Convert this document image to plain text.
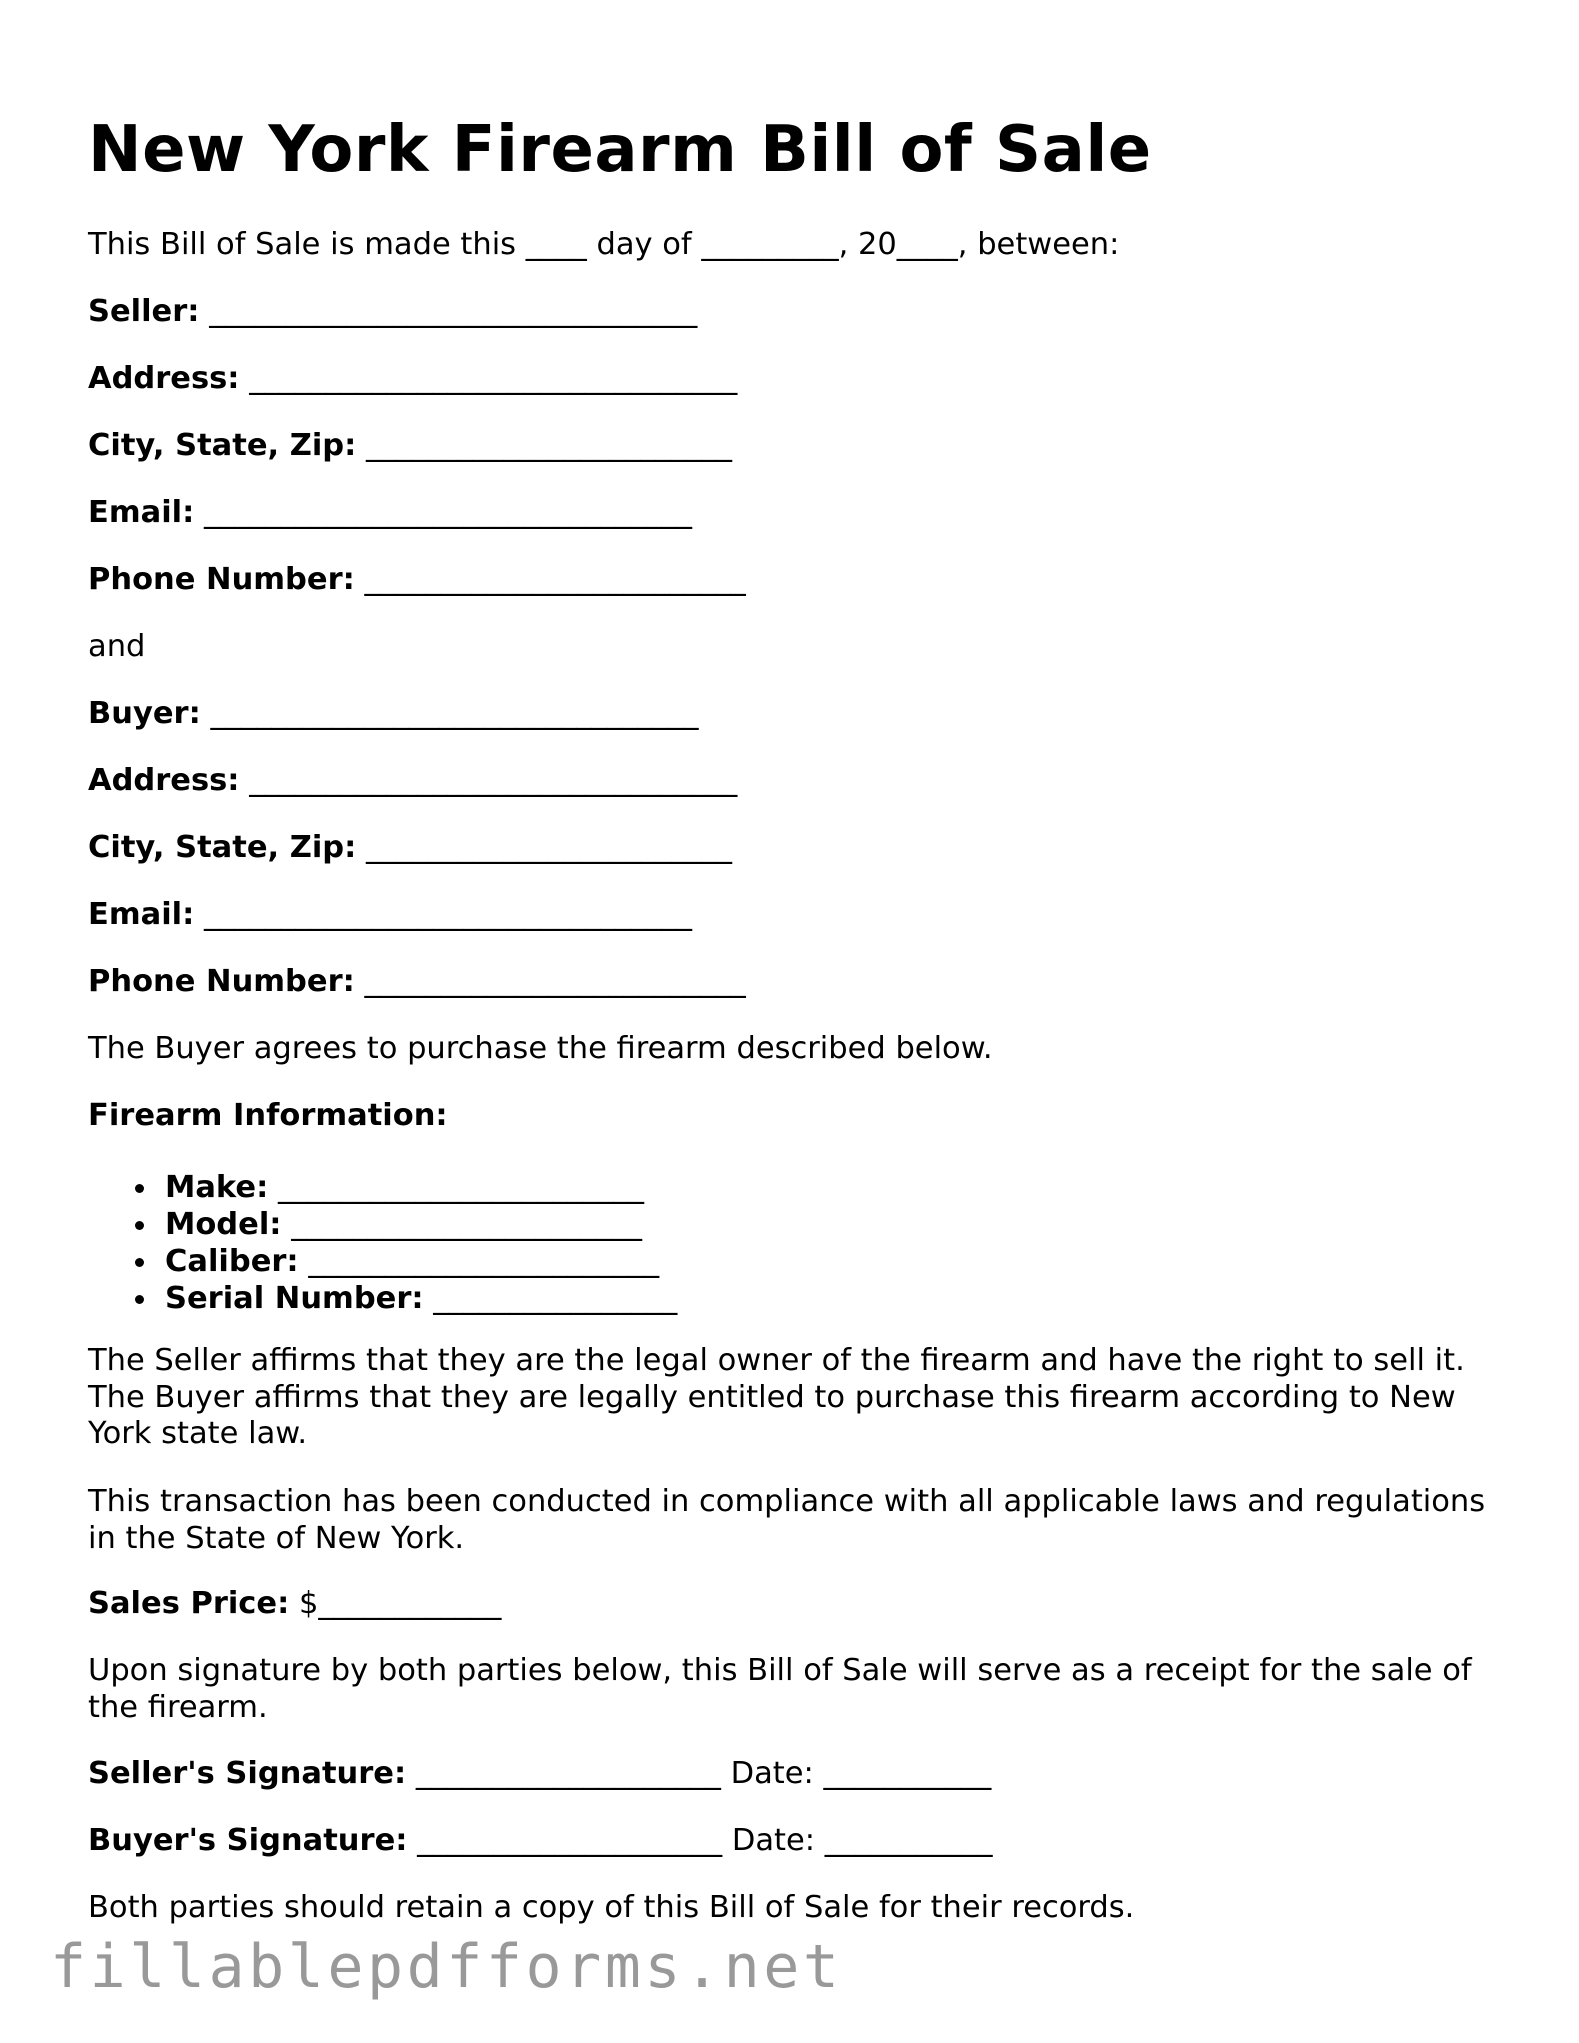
New York Firearm Bill of Sale

This Bill of Sale is made this ____ day of _________, 20____, between:

Seller: ________________________________

Address: ________________________________

City, State, Zip: ________________________

Email: ________________________________

Phone Number: _________________________

and

Buyer: ________________________________

Address: ________________________________

City, State, Zip: ________________________

Email: ________________________________

Phone Number: _________________________

The Buyer agrees to purchase the firearm described below.

Firearm Information:

Make: ________________________
Model: _______________________
Caliber: _______________________
Serial Number: ________________

The Seller affirms that they are the legal owner of the firearm and have the right to sell it. The Buyer affirms that they are legally entitled to purchase this firearm according to New York state law.

This transaction has been conducted in compliance with all applicable laws and regulations in the State of New York.

Sales Price: $____________

Upon signature by both parties below, this Bill of Sale will serve as a receipt for the sale of the firearm.

Seller's Signature: ____________________ Date: ___________

Buyer's Signature: ____________________ Date: ___________

Both parties should retain a copy of this Bill of Sale for their records.

fillablepdfforms.net
